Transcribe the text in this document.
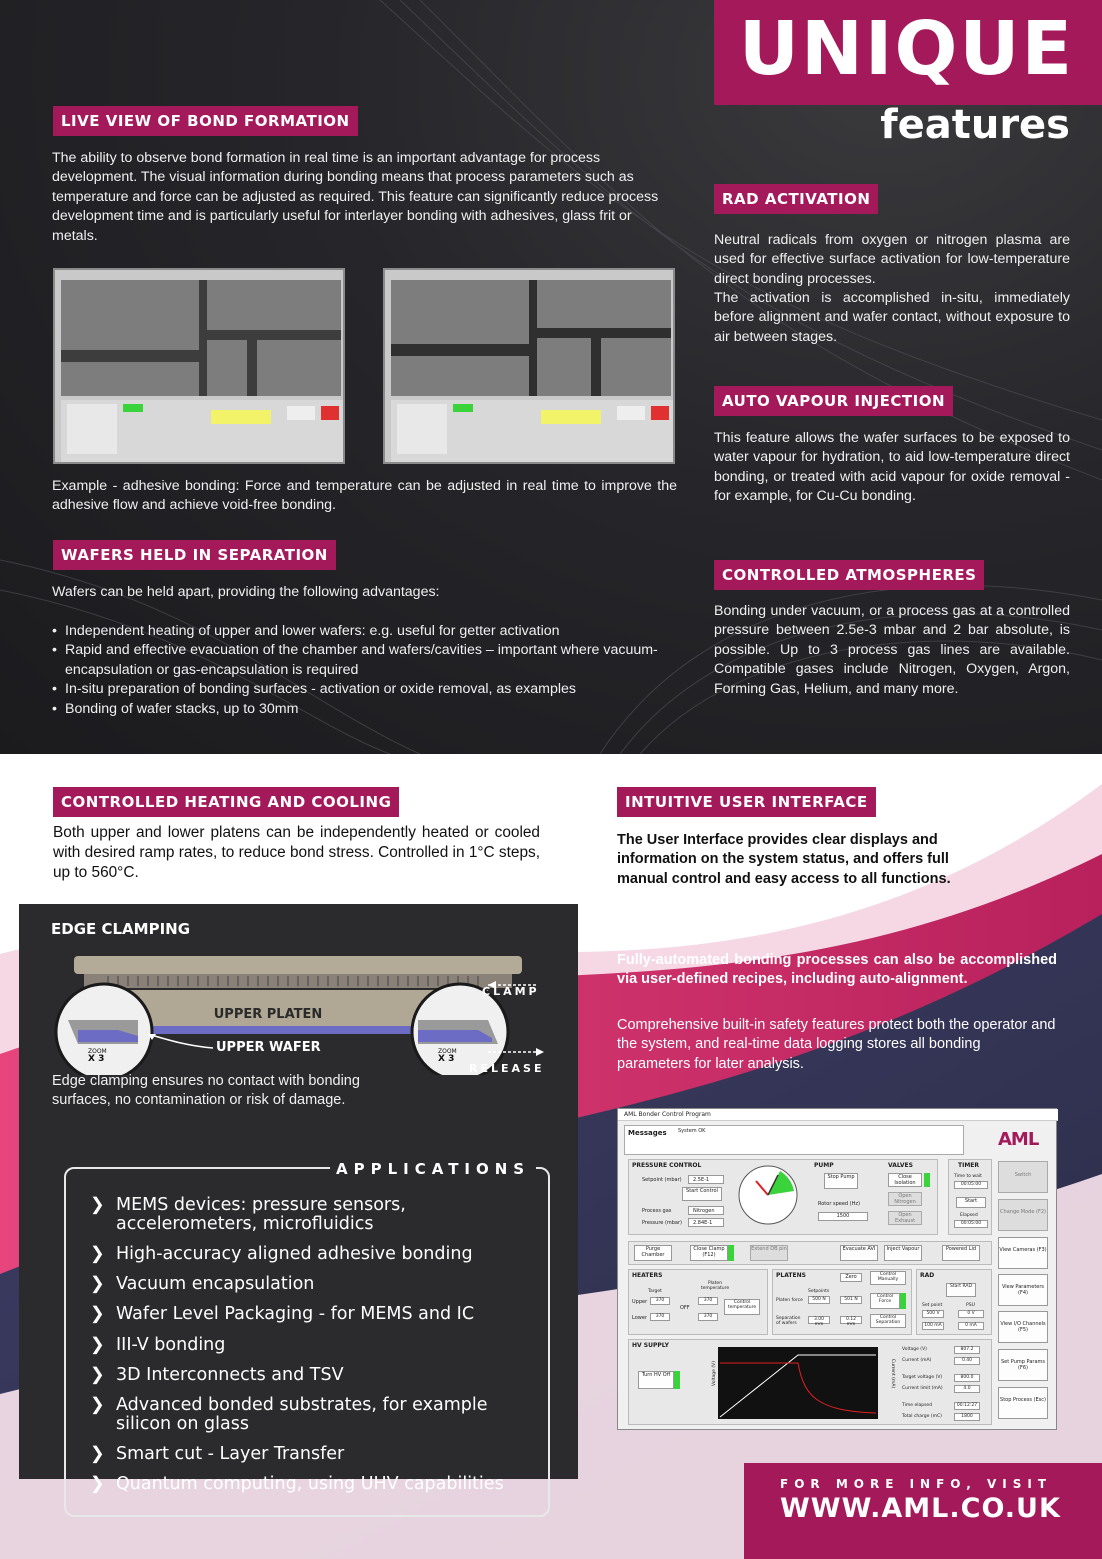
UNIQUE
features
LIVE VIEW OF BOND FORMATION
The ability to observe bond formation in real time is an important advantage for process development. The visual information during bonding means that process parameters such as temperature and force can be adjusted as required. This feature can significantly reduce process development time and is particularly useful for interlayer bonding with adhesives, glass frit or metals.
Example - adhesive bonding: Force and temperature can be adjusted in real time to improve the adhesive flow and achieve void-free bonding.
WAFERS HELD IN SEPARATION
Wafers can be held apart, providing the following advantages:
• Independent heating of upper and lower wafers: e.g. useful for getter activation
• Rapid and effective evacuation of the chamber and wafers/cavities – important where vacuum-encapsulation or gas-encapsulation is required
• In-situ preparation of bonding surfaces - activation or oxide removal, as examples
• Bonding of wafer stacks, up to 30mm
RAD ACTIVATION
Neutral radicals from oxygen or nitrogen plasma are used for effective surface activation for low-temperature direct bonding processes.
The activation is accomplished in-situ, immediately before alignment and wafer contact, without exposure to air between stages.
AUTO VAPOUR INJECTION
This feature allows the wafer surfaces to be exposed to water vapour for hydration, to aid low-temperature direct bonding, or treated with acid vapour for oxide removal - for example, for Cu-Cu bonding.
CONTROLLED ATMOSPHERES
Bonding under vacuum, or a process gas at a controlled pressure between 2.5e-3 mbar and 2 bar absolute, is possible. Up to 3 process gas lines are available. Compatible gases include Nitrogen, Oxygen, Argon, Forming Gas, Helium, and many more.
CONTROLLED HEATING AND COOLING
Both upper and lower platens can be independently heated or cooled with desired ramp rates, to reduce bond stress. Controlled in 1°C steps, up to 560°C.
INTUITIVE USER INTERFACE
The User Interface provides clear displays and information on the system status, and offers full manual control and easy access to all functions.
Fully-automated bonding processes can also be accomplished via user-defined recipes, including auto-alignment.
Comprehensive built-in safety features protect both the operator and the system, and real-time data logging stores all bonding parameters for later analysis.
EDGE CLAMPING
UPPER PLATEN
ZOOM
X 3
ZOOM
X 3
CLAMP
RELEASE
UPPER WAFER
Edge clamping ensures no contact with bonding surfaces, no contamination or risk of damage.
APPLICATIONS
❯ MEMS devices: pressure sensors, accelerometers, microfluidics
❯ High-accuracy aligned adhesive bonding
❯ Vacuum encapsulation
❯ Wafer Level Packaging - for MEMS and IC
❯ III-V bonding
❯ 3D Interconnects and TSV
❯ Advanced bonded substrates, for example silicon on glass
❯ Smart cut - Layer Transfer
❯ Quantum computing, using UHV capabilities
AML Bonder Control Program
Messages	System OK	AML
PRESSURE CONTROL
Setpoint (mbar)	2.5E-1
Start Control
Process gas	Nitrogen
Pressure (mbar)	2.84E-1
PUMP
Stop Pump
Rotor speed (Hz)
1500
VALVES
Close Isolation
Open Nitrogen
Open Exhaust
TIMER
Time to wait
00:05:00
Start
Elapsed
00:05:00
Purge Chamber
Close Clamp (F12)
Extend DB pin	Evacuate AVI	Inject Vapour	Powered Lid
HEATERS
Target
Upper	370
Lower	370
OFF
Platen temperature
370
370
Control temperature
PLATENS	Zero	Control Manually
Setpoints
Platen force	500 N	501 N
Control Force
Separation of wafers
3.00 mm
0.12 mm
Control Separation
RAD
Start RAD
Set point	PSU
500 V	0 V
100 mA	0 mA
HV SUPPLY
Turn HV Off	Voltage (V)	Current (mA)
Voltage (V)	807.2
Current (mA)	0.40
Target voltage (V)	800.0
Current limit (mA)	4.0
Time elapsed	00:12:27
Total charge (mC)	1800
Switch
Change Mode (F2)
View Cameras (F3)
View Parameters (F4)
View I/O Channels (F5)
Set Pump Params (F6)
Stop Process (Esc)
FOR MORE INFO, VISIT
WWW.AML.CO.UK
